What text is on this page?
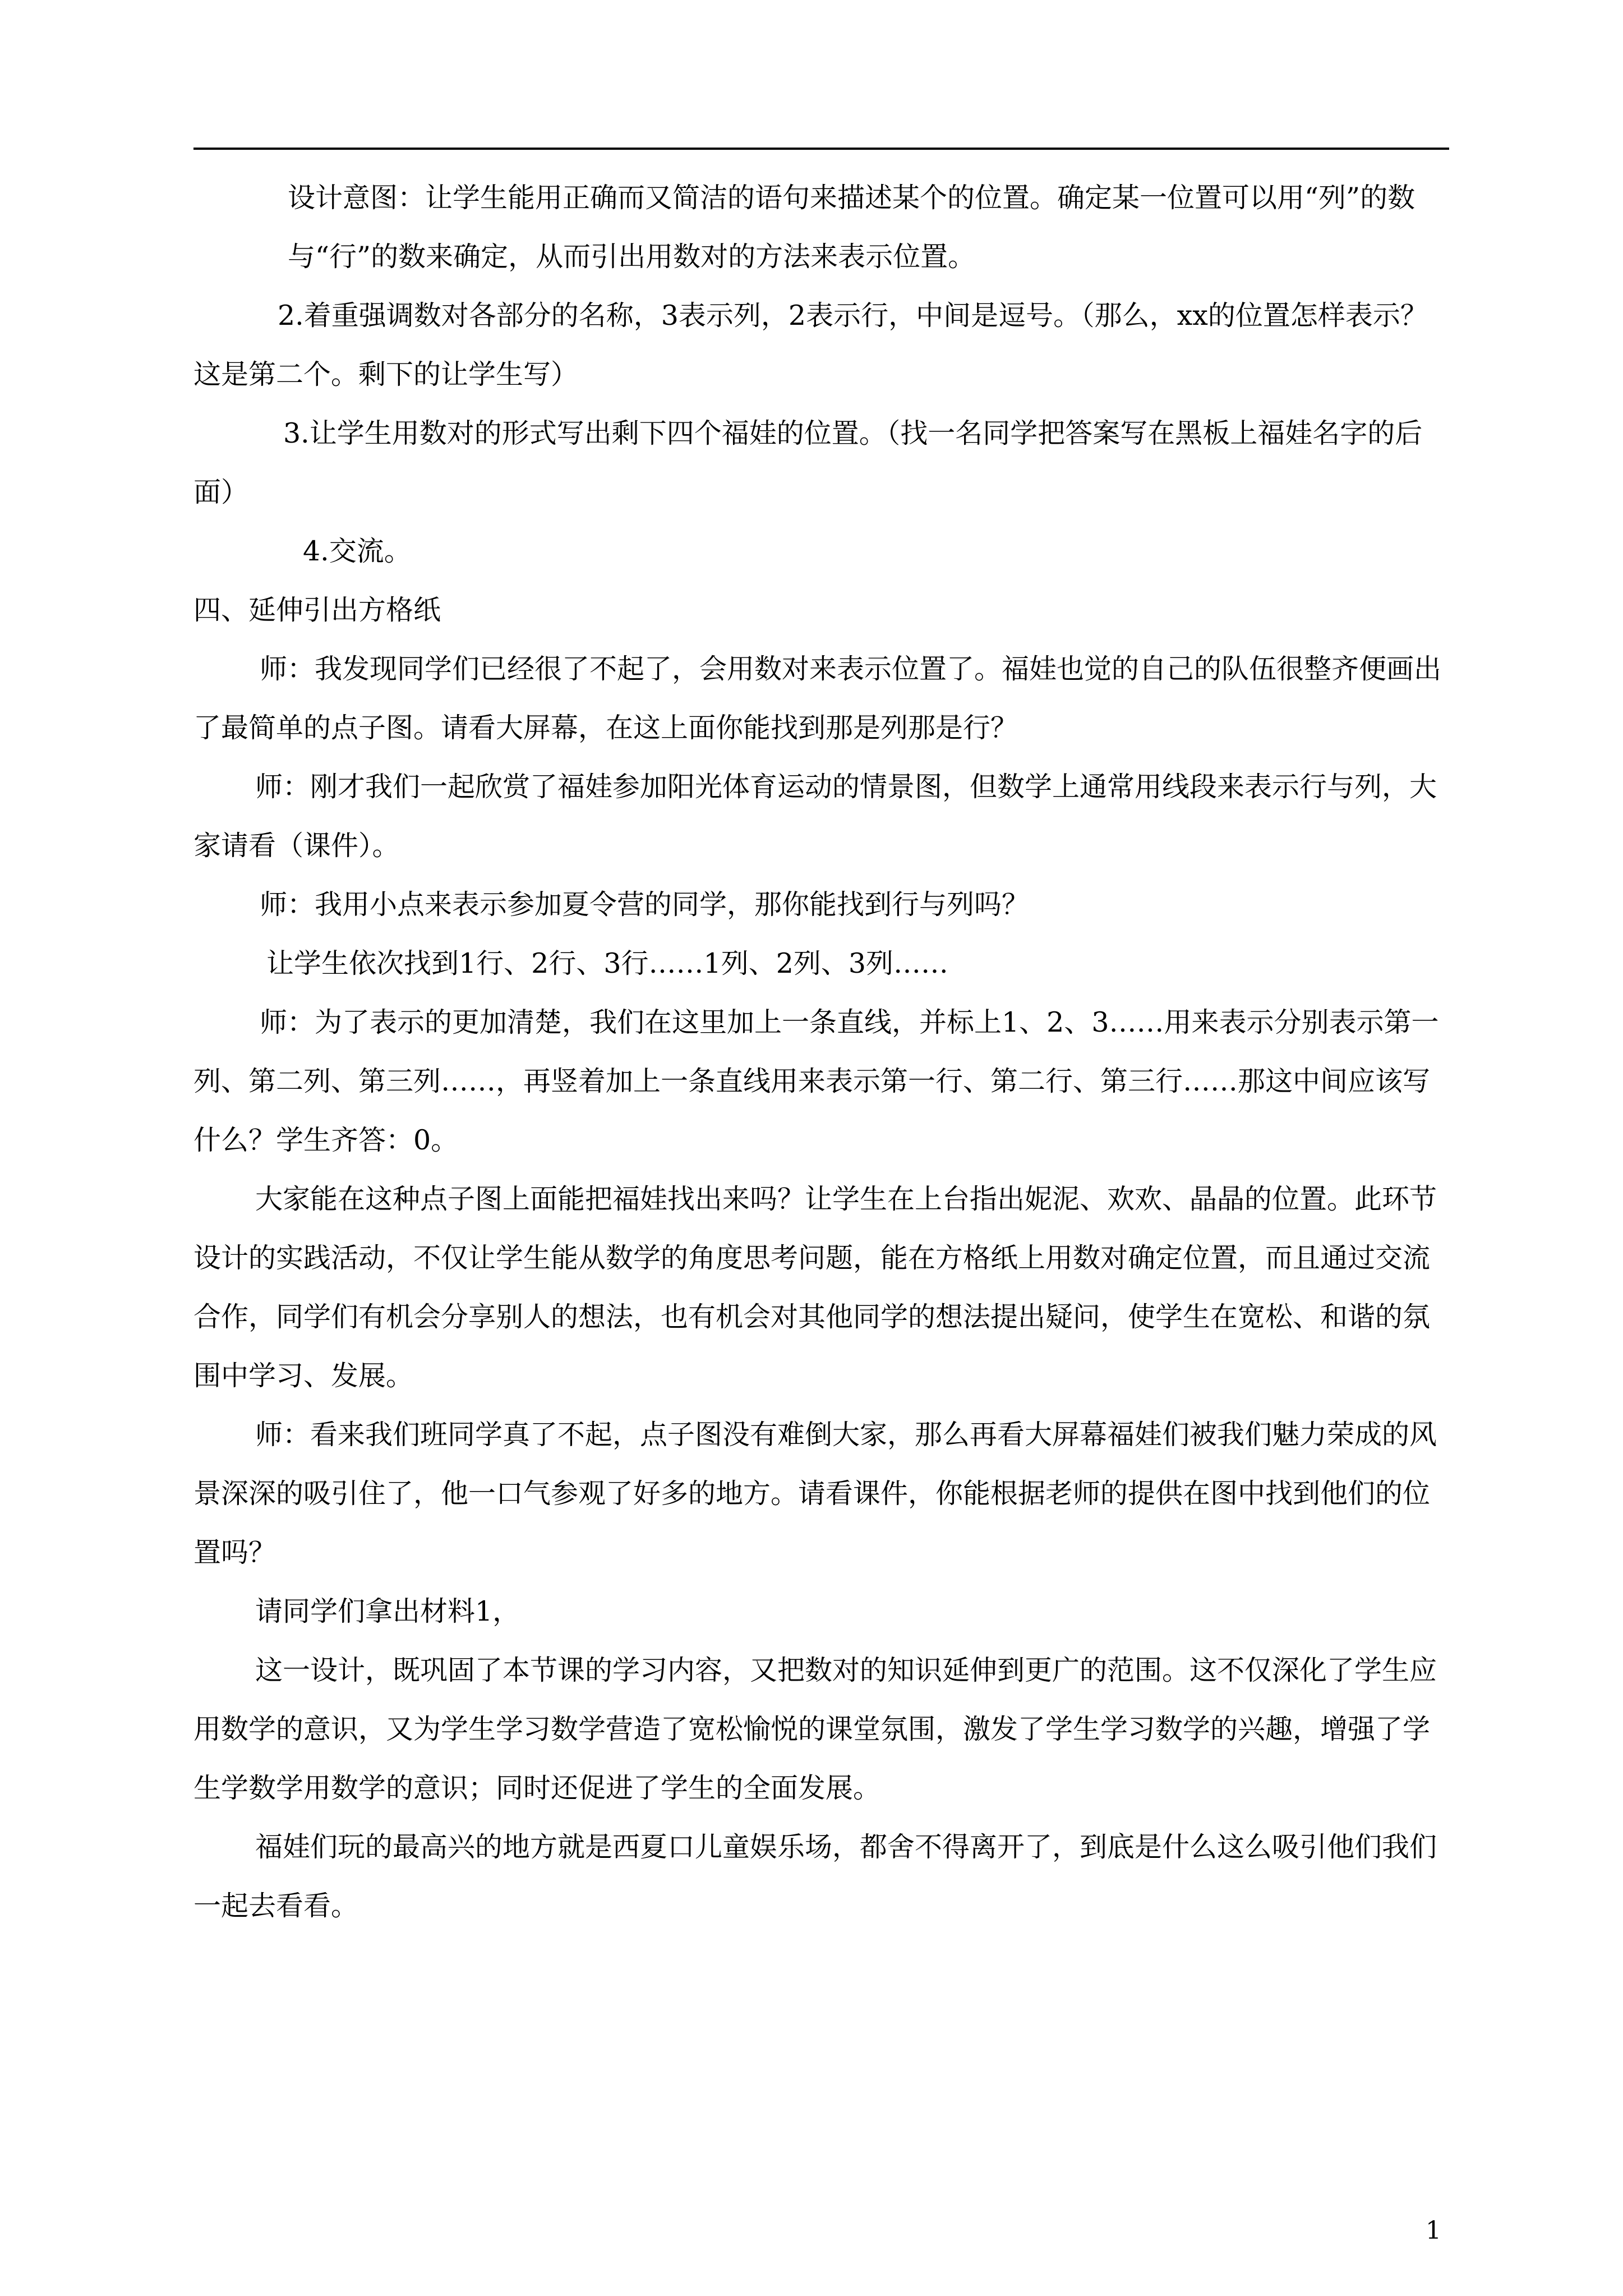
设计意图：让学生能用正确而又简洁的语句来描述某个的位置。确定某一位置可以用“列”的数与“行”的数来确定，从而引出用数对的方法来表示位置。

2.着重强调数对各部分的名称，3表示列，2表示行，中间是逗号。（那么，xx的位置怎样表示？这是第二个。剩下的让学生写）

3.让学生用数对的形式写出剩下四个福娃的位置。（找一名同学把答案写在黑板上福娃名字的后面）

4.交流。

四、延伸引出方格纸

师：我发现同学们已经很了不起了，会用数对来表示位置了。福娃也觉的自己的队伍很整齐便画出了最简单的点子图。请看大屏幕，在这上面你能找到那是列那是行？

师：刚才我们一起欣赏了福娃参加阳光体育运动的情景图，但数学上通常用线段来表示行与列，大家请看（课件）。

师：我用小点来表示参加夏令营的同学，那你能找到行与列吗？

让学生依次找到1行、2行、3行……1列、2列、3列……

师：为了表示的更加清楚，我们在这里加上一条直线，并标上1、2、3……用来表示分别表示第一列、第二列、第三列……，再竖着加上一条直线用来表示第一行、第二行、第三行……那这中间应该写什么？学生齐答：0。

大家能在这种点子图上面能把福娃找出来吗？让学生在上台指出妮泥、欢欢、晶晶的位置。此环节设计的实践活动，不仅让学生能从数学的角度思考问题，能在方格纸上用数对确定位置，而且通过交流合作，同学们有机会分享别人的想法，也有机会对其他同学的想法提出疑问，使学生在宽松、和谐的氛围中学习、发展。

师：看来我们班同学真了不起，点子图没有难倒大家，那么再看大屏幕福娃们被我们魅力荣成的风景深深的吸引住了，他一口气参观了好多的地方。请看课件，你能根据老师的提供在图中找到他们的位置吗？

请同学们拿出材料1，

这一设计，既巩固了本节课的学习内容，又把数对的知识延伸到更广的范围。这不仅深化了学生应用数学的意识，又为学生学习数学营造了宽松愉悦的课堂氛围，激发了学生学习数学的兴趣，增强了学生学数学用数学的意识；同时还促进了学生的全面发展。

福娃们玩的最高兴的地方就是西夏口儿童娱乐场，都舍不得离开了，到底是什么这么吸引他们我们一起去看看。

1
